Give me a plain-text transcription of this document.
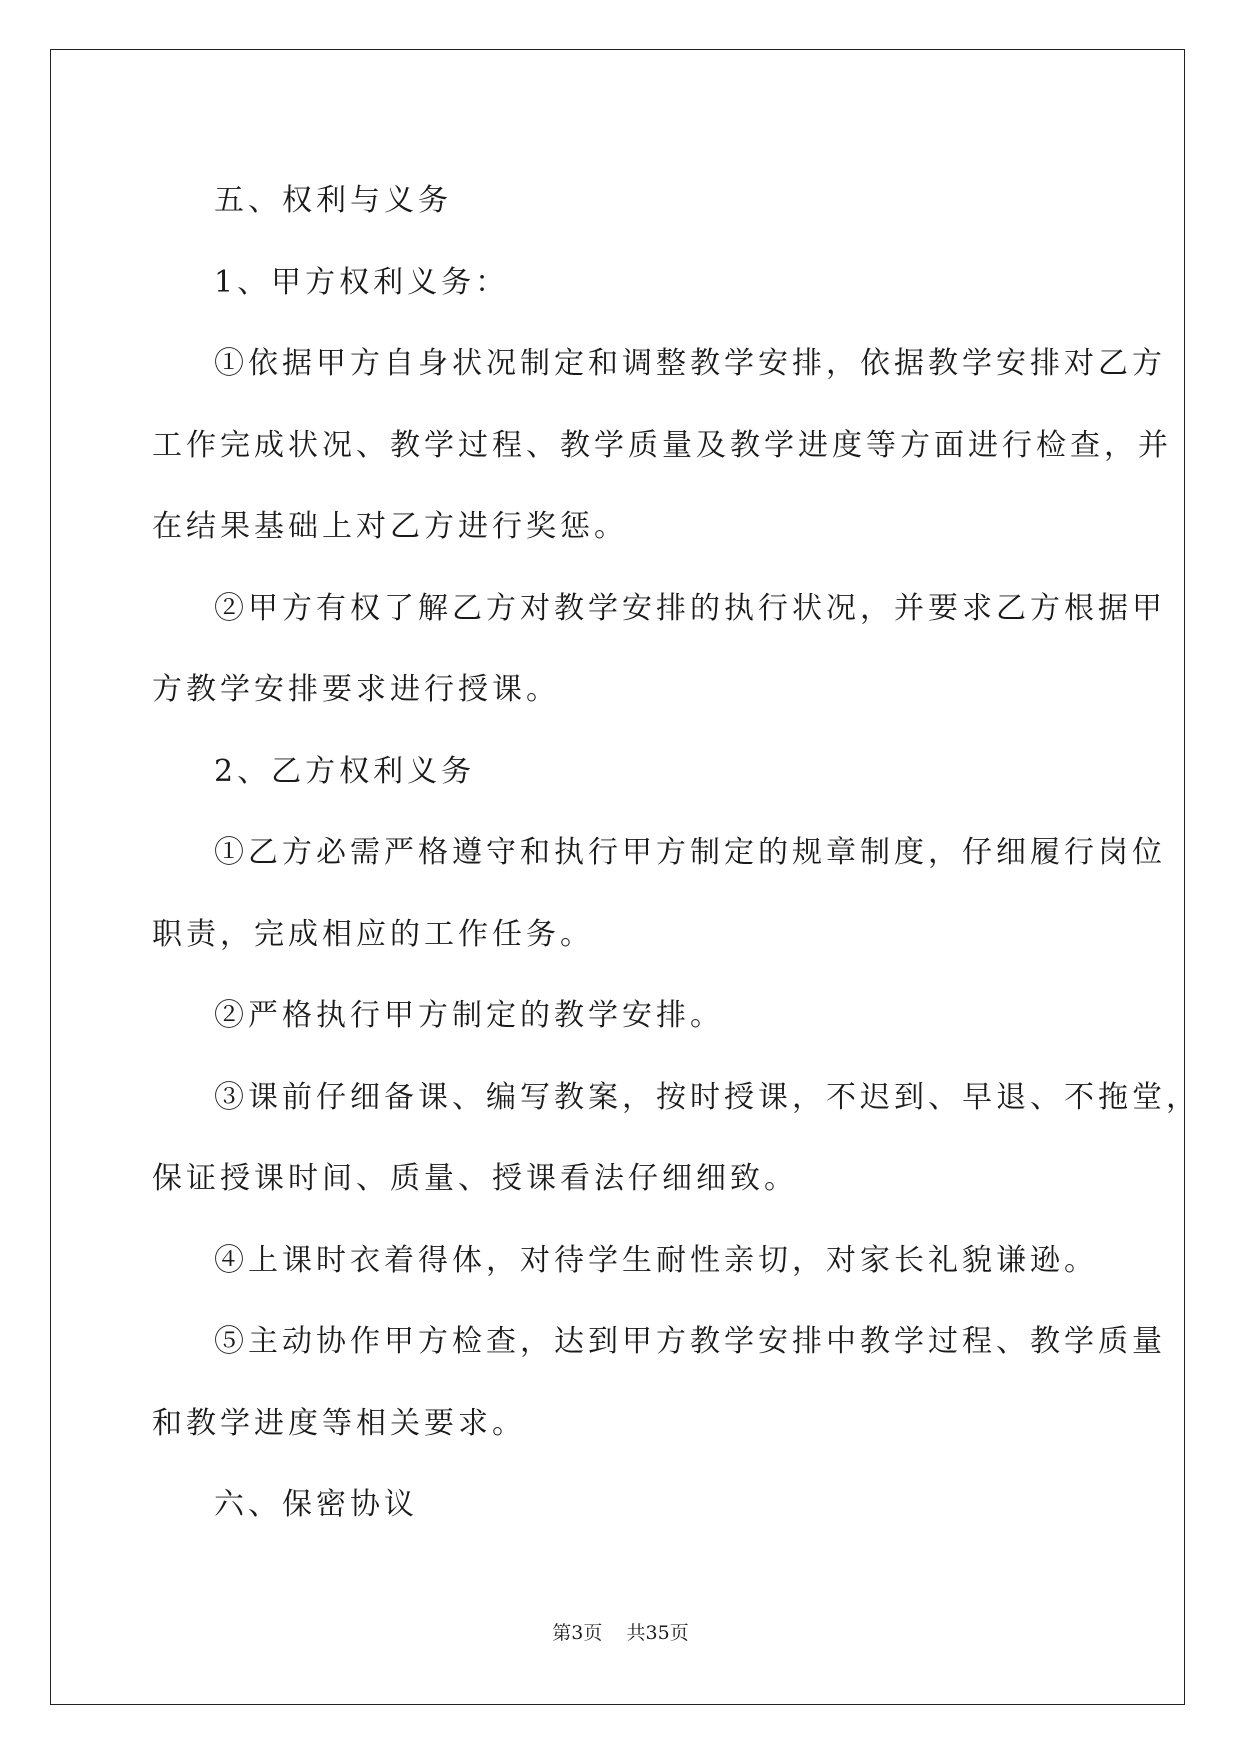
五、权利与义务

1、甲方权利义务：

①依据甲方自身状况制定和调整教学安排，依据教学安排对乙方

工作完成状况、教学过程、教学质量及教学进度等方面进行检查，并

在结果基础上对乙方进行奖惩。

②甲方有权了解乙方对教学安排的执行状况，并要求乙方根据甲

方教学安排要求进行授课。

2、乙方权利义务

①乙方必需严格遵守和执行甲方制定的规章制度，仔细履行岗位

职责，完成相应的工作任务。

②严格执行甲方制定的教学安排。

③课前仔细备课、编写教案，按时授课，不迟到、早退、不拖堂，

保证授课时间、质量、授课看法仔细细致。

④上课时衣着得体，对待学生耐性亲切，对家长礼貌谦逊。

⑤主动协作甲方检查，达到甲方教学安排中教学过程、教学质量

和教学进度等相关要求。

六、保密协议

第3页 共35页
